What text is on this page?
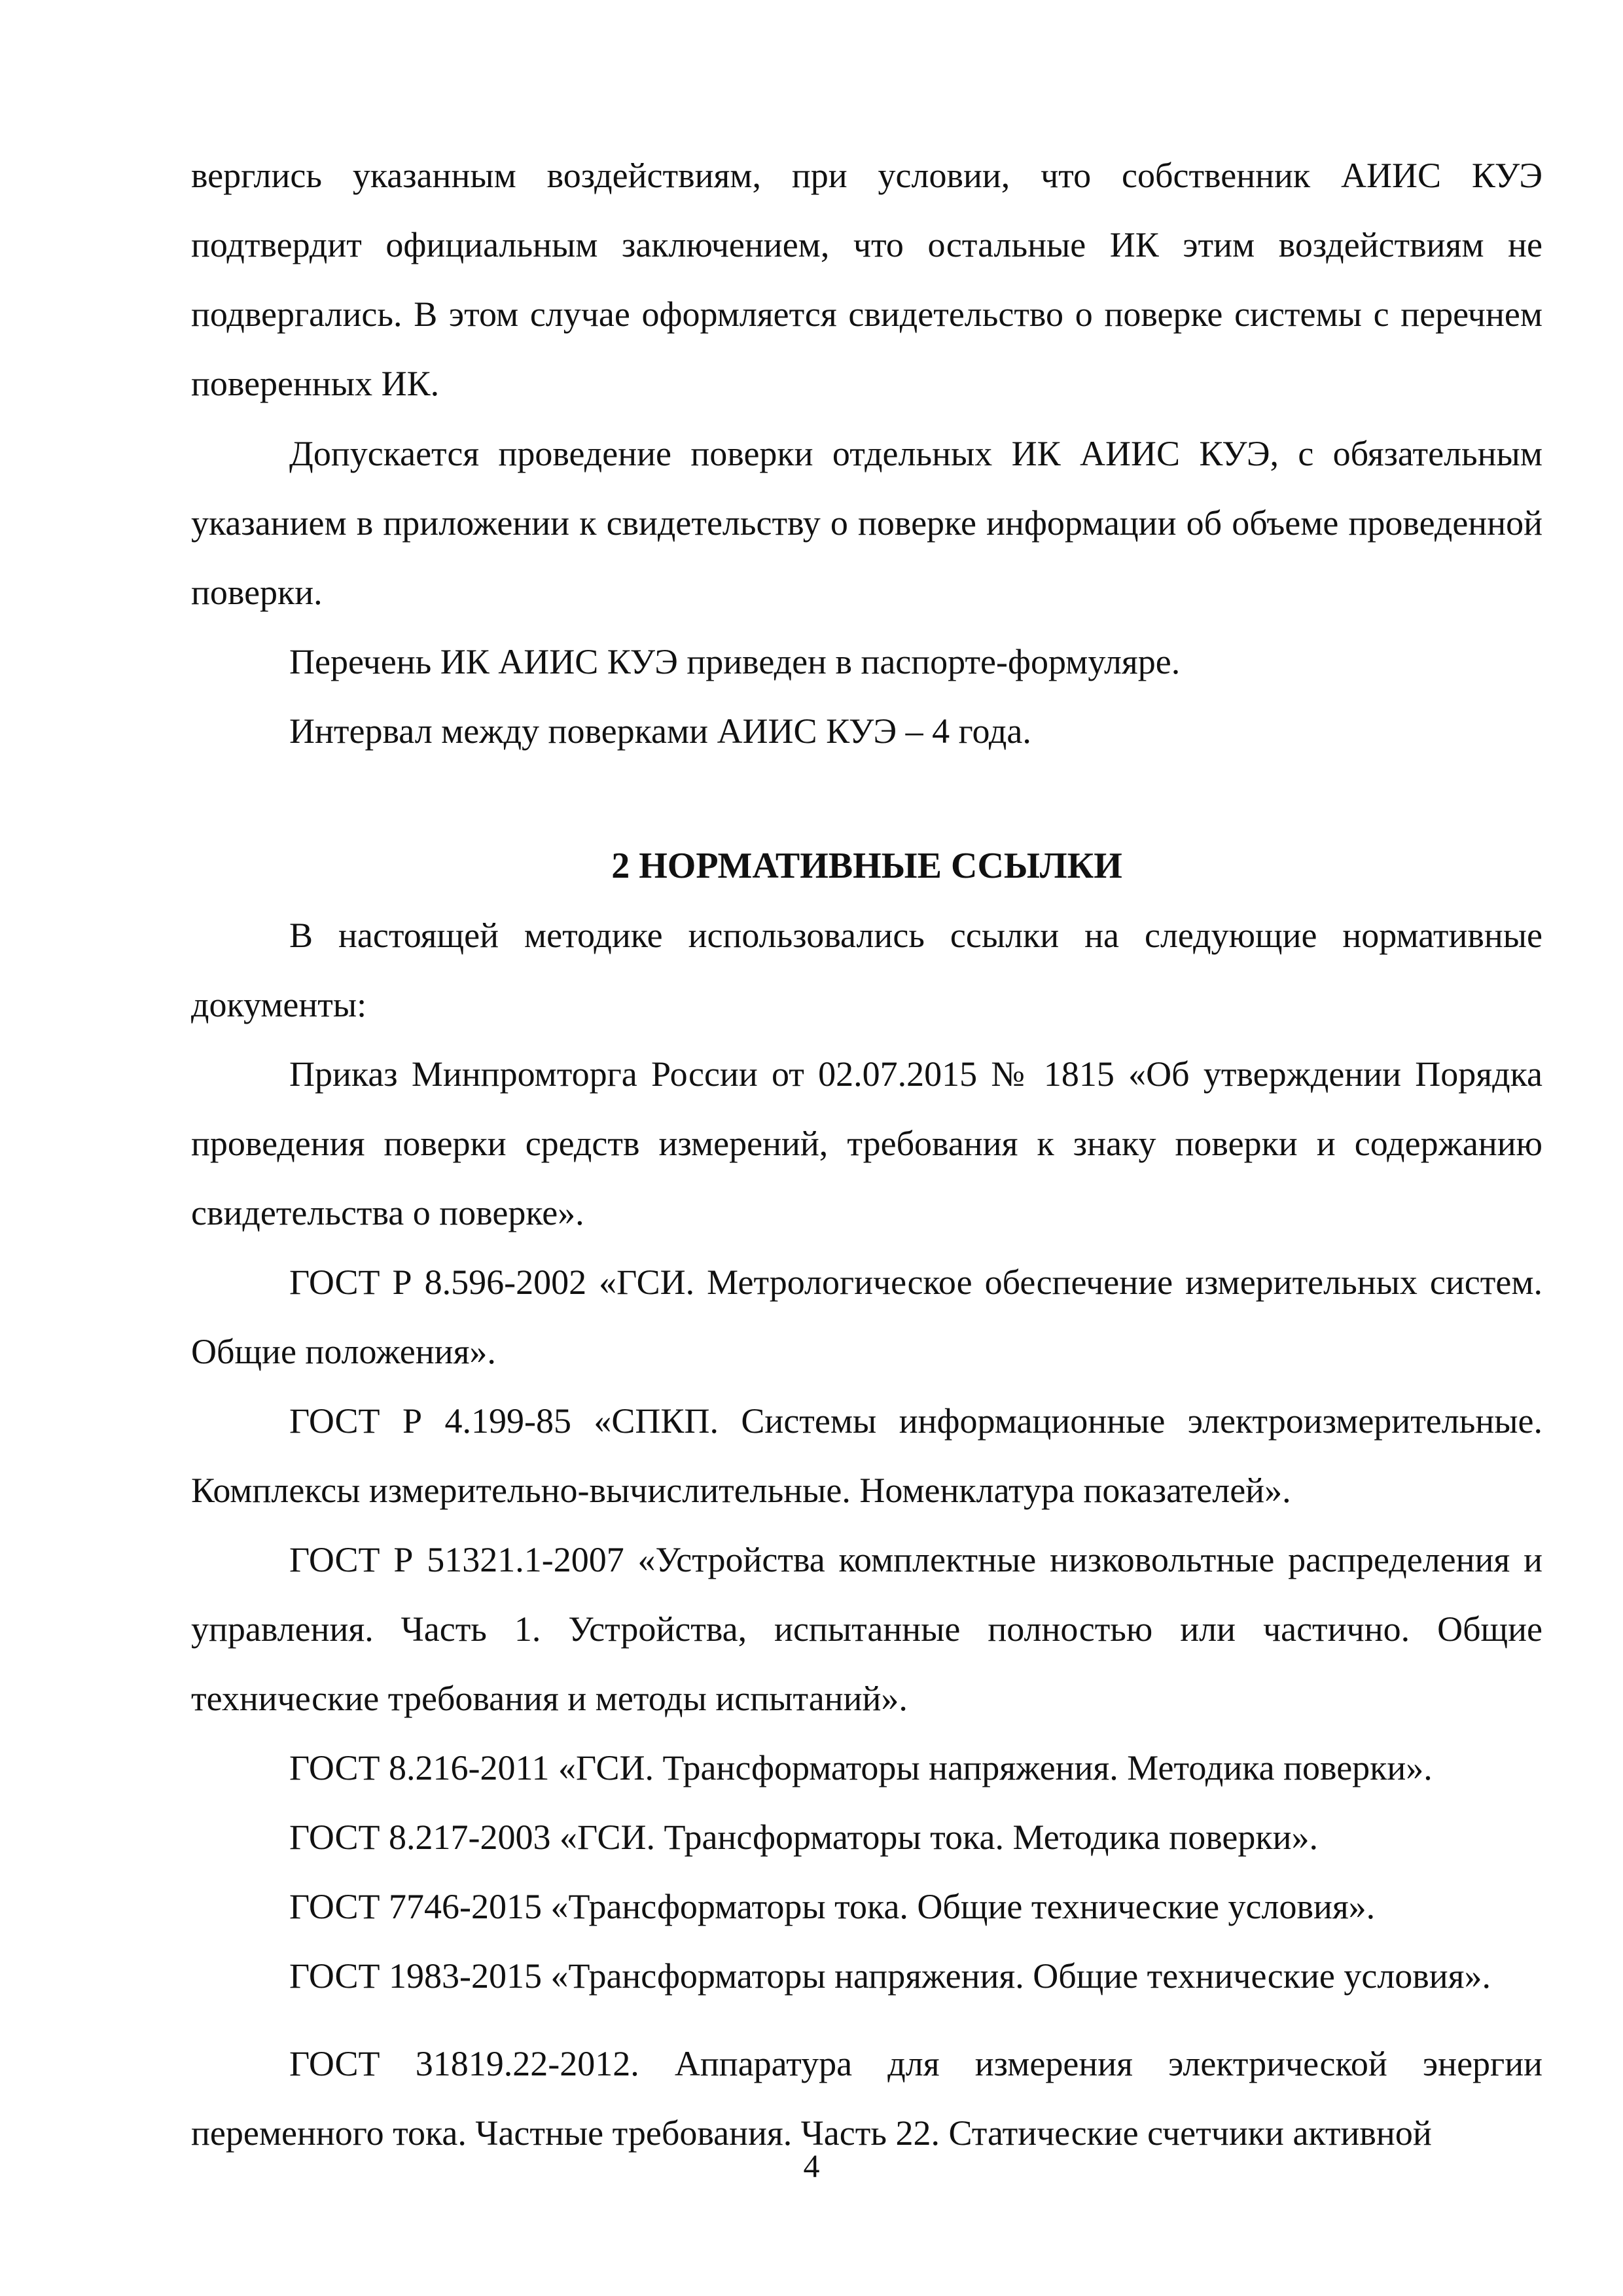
верглись указанным воздействиям, при условии, что собственник АИИС КУЭ подтвердит официальным заключением, что остальные ИК этим воздействиям не подвергались. В этом случае оформляется свидетельство о поверке системы с перечнем поверенных ИК.

Допускается проведение поверки отдельных ИК АИИС КУЭ, с обязательным указанием в приложении к свидетельству о поверке информации об объеме проведенной поверки.

Перечень ИК АИИС КУЭ приведен в паспорте-формуляре.

Интервал между поверками АИИС КУЭ – 4 года.

2 НОРМАТИВНЫЕ ССЫЛКИ

В настоящей методике использовались ссылки на следующие нормативные документы:

Приказ Минпромторга России от 02.07.2015 № 1815 «Об утверждении Порядка проведения поверки средств измерений, требования к знаку поверки и содержанию свидетельства о поверке».

ГОСТ Р 8.596-2002 «ГСИ. Метрологическое обеспечение измерительных систем. Общие положения».

ГОСТ Р 4.199-85 «СПКП. Системы информационные электроизмерительные. Комплексы измерительно-вычислительные. Номенклатура показателей».

ГОСТ Р 51321.1-2007 «Устройства комплектные низковольтные распределения и управления. Часть 1. Устройства, испытанные полностью или частично. Общие технические требования и методы испытаний».

ГОСТ 8.216-2011 «ГСИ. Трансформаторы напряжения. Методика поверки».

ГОСТ 8.217-2003 «ГСИ. Трансформаторы тока. Методика поверки».

ГОСТ 7746-2015 «Трансформаторы тока. Общие технические условия».

ГОСТ 1983-2015 «Трансформаторы напряжения. Общие технические условия».

ГОСТ 31819.22-2012. Аппаратура для измерения электрической энергии переменного тока. Частные требования. Часть 22. Статические счетчики активной

4
